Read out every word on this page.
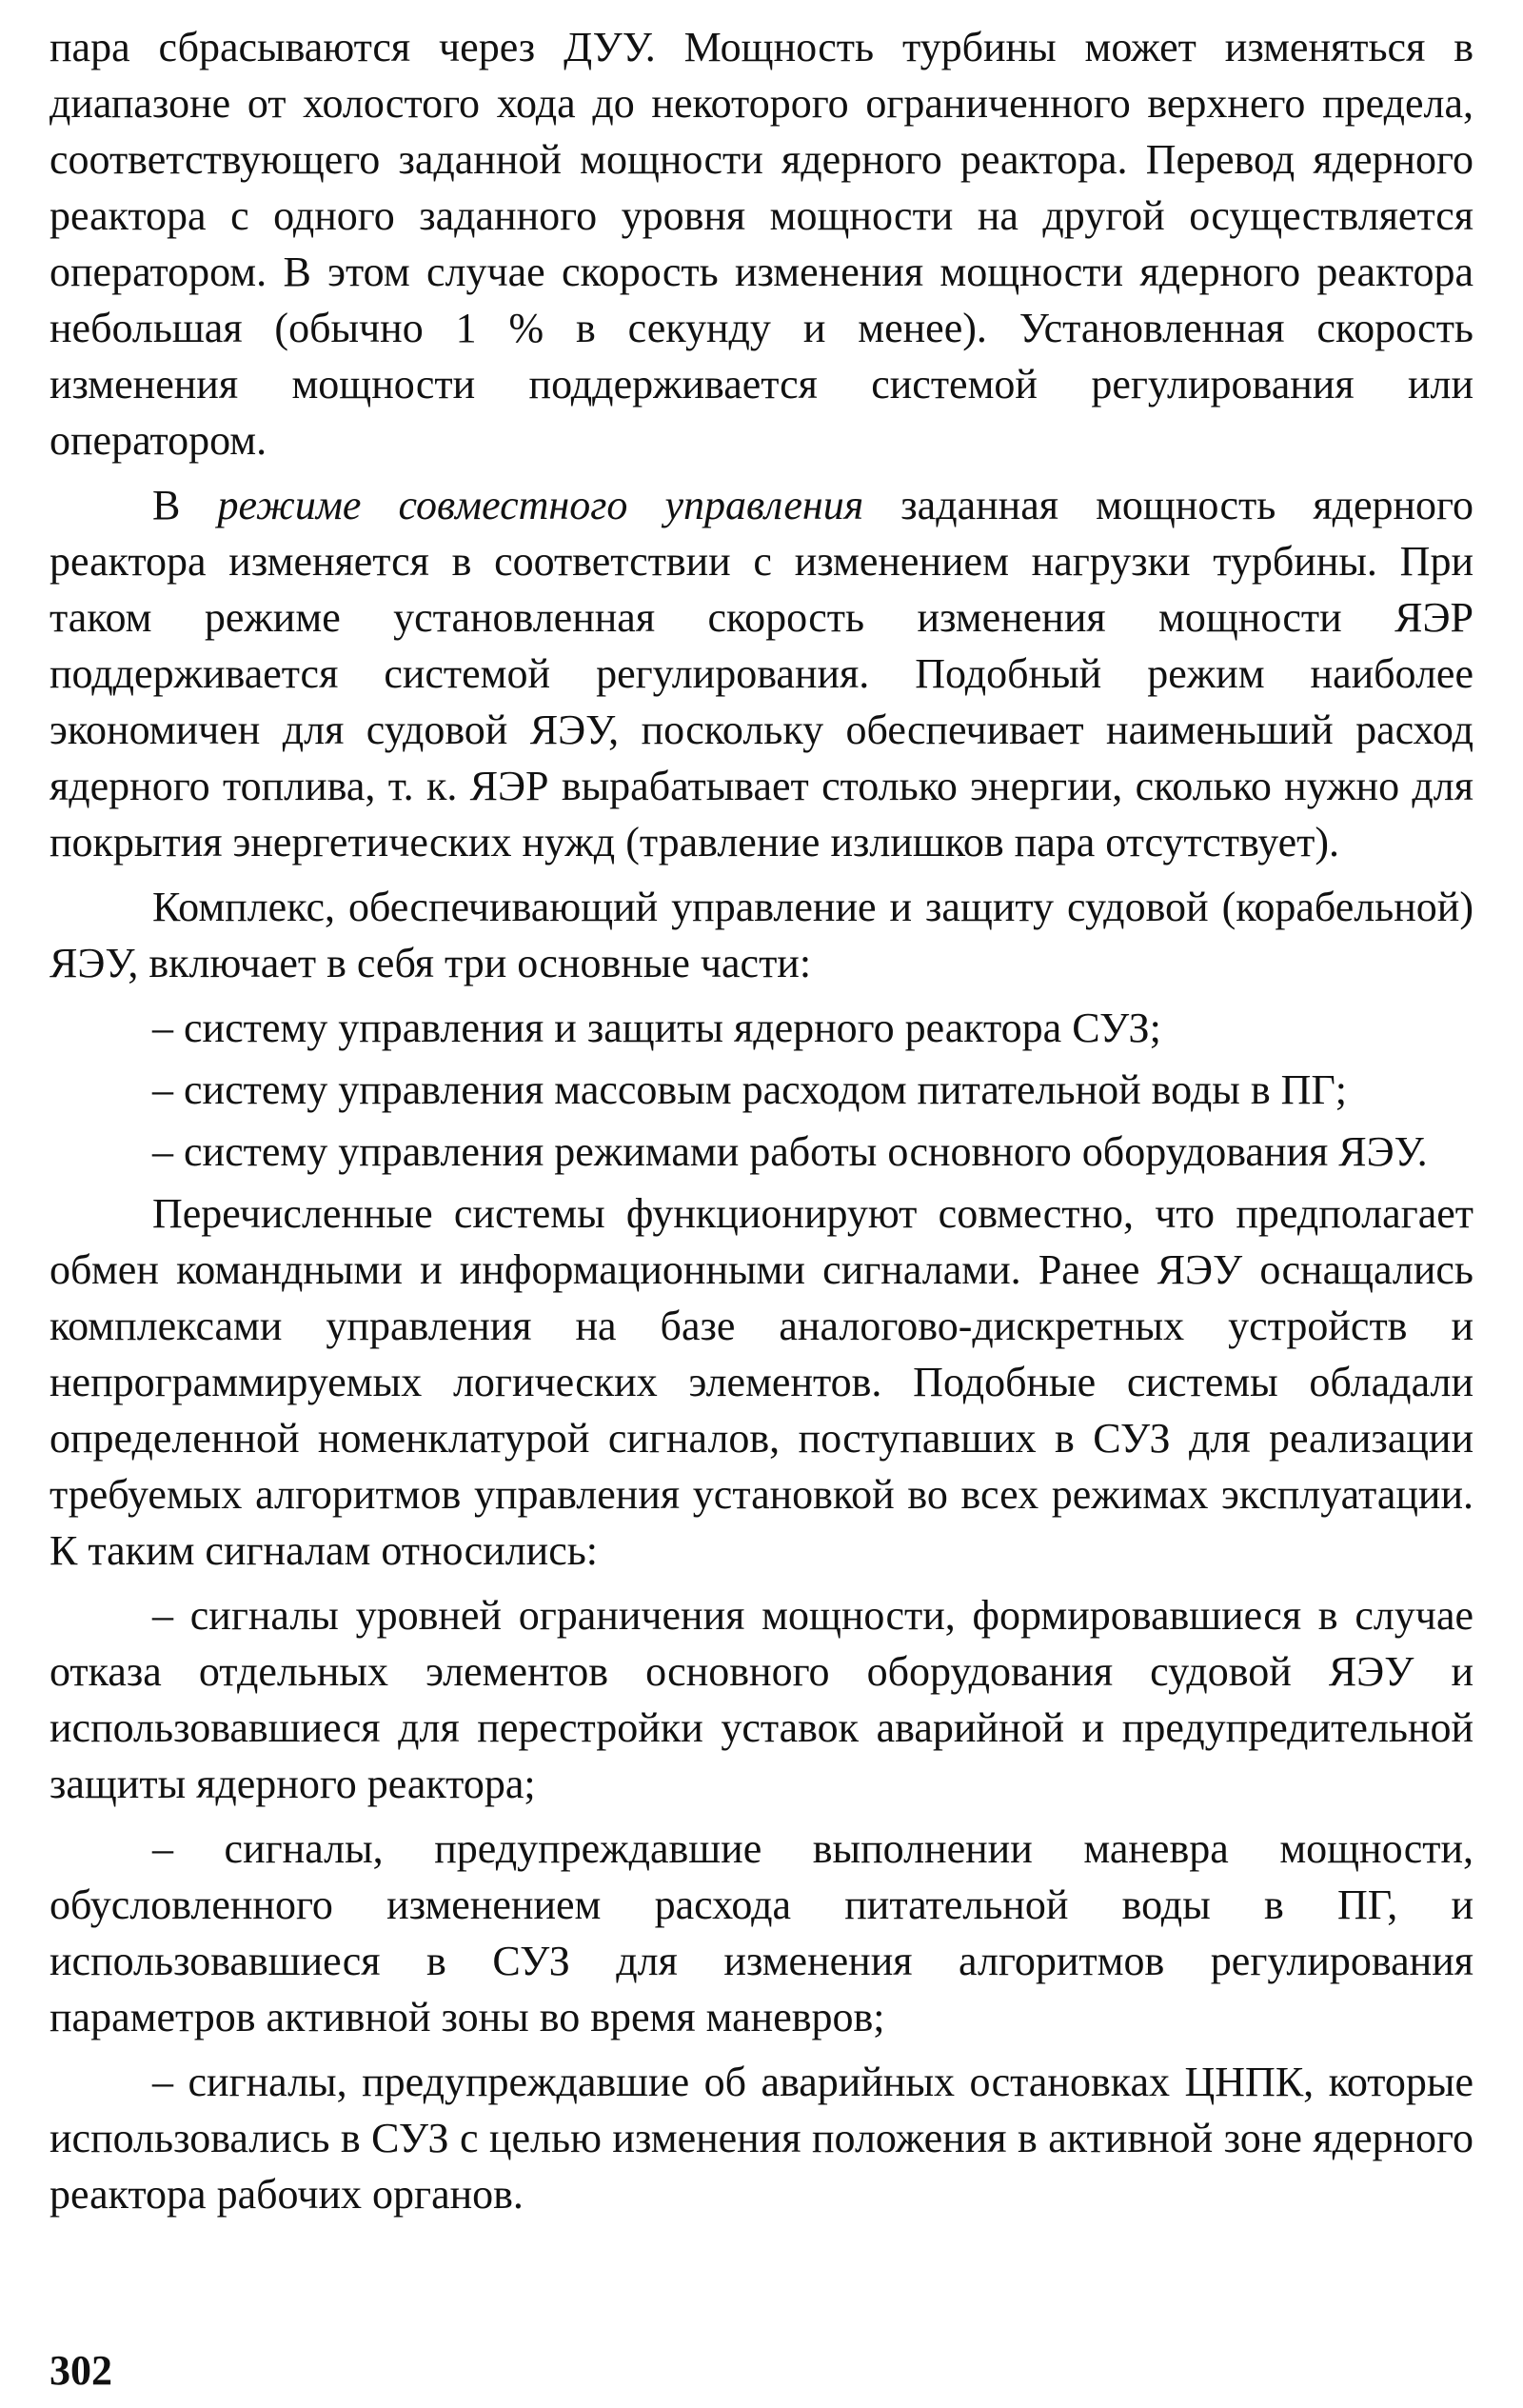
пара сбрасываются через ДУУ. Мощность турбины может изменяться в диапазоне от холостого хода до некоторого ограниченного верхнего предела, соответствующего заданной мощности ядерного реактора. Перевод ядерного реактора с одного заданного уровня мощности на другой осуществляется оператором. В этом случае скорость изменения мощности ядерного реактора небольшая (обычно 1 % в секунду и менее). Установленная скорость изменения мощности поддерживается системой регулирования или оператором.

В режиме совместного управления заданная мощность ядерного реактора изменяется в соответствии с изменением нагрузки турбины. При таком режиме установленная скорость изменения мощности ЯЭР поддерживается системой регулирования. Подобный режим наиболее экономичен для судовой ЯЭУ, поскольку обеспечивает наименьший расход ядерного топлива, т. к. ЯЭР вырабатывает столько энергии, сколько нужно для покрытия энергетических нужд (травление излишков пара отсутствует).

Комплекс, обеспечивающий управление и защиту судовой (корабельной) ЯЭУ, включает в себя три основные части:

– систему управления и защиты ядерного реактора СУЗ;
– систему управления массовым расходом питательной воды в ПГ;
– систему управления режимами работы основного оборудования ЯЭУ.

Перечисленные системы функционируют совместно, что предполагает обмен командными и информационными сигналами. Ранее ЯЭУ оснащались комплексами управления на базе аналогово-дискретных устройств и непрограммируемых логических элементов. Подобные системы обладали определенной номенклатурой сигналов, поступавших в СУЗ для реализации требуемых алгоритмов управления установкой во всех режимах эксплуатации. К таким сигналам относились:

– сигналы уровней ограничения мощности, формировавшиеся в случае отказа отдельных элементов основного оборудования судовой ЯЭУ и использовавшиеся для перестройки уставок аварийной и предупредительной защиты ядерного реактора;

– сигналы, предупреждавшие выполнении маневра мощности, обусловленного изменением расхода питательной воды в ПГ, и использовавшиеся в СУЗ для изменения алгоритмов регулирования параметров активной зоны во время маневров;

– сигналы, предупреждавшие об аварийных остановках ЦНПК, которые использовались в СУЗ с целью изменения положения в активной зоне ядерного реактора рабочих органов.

302
